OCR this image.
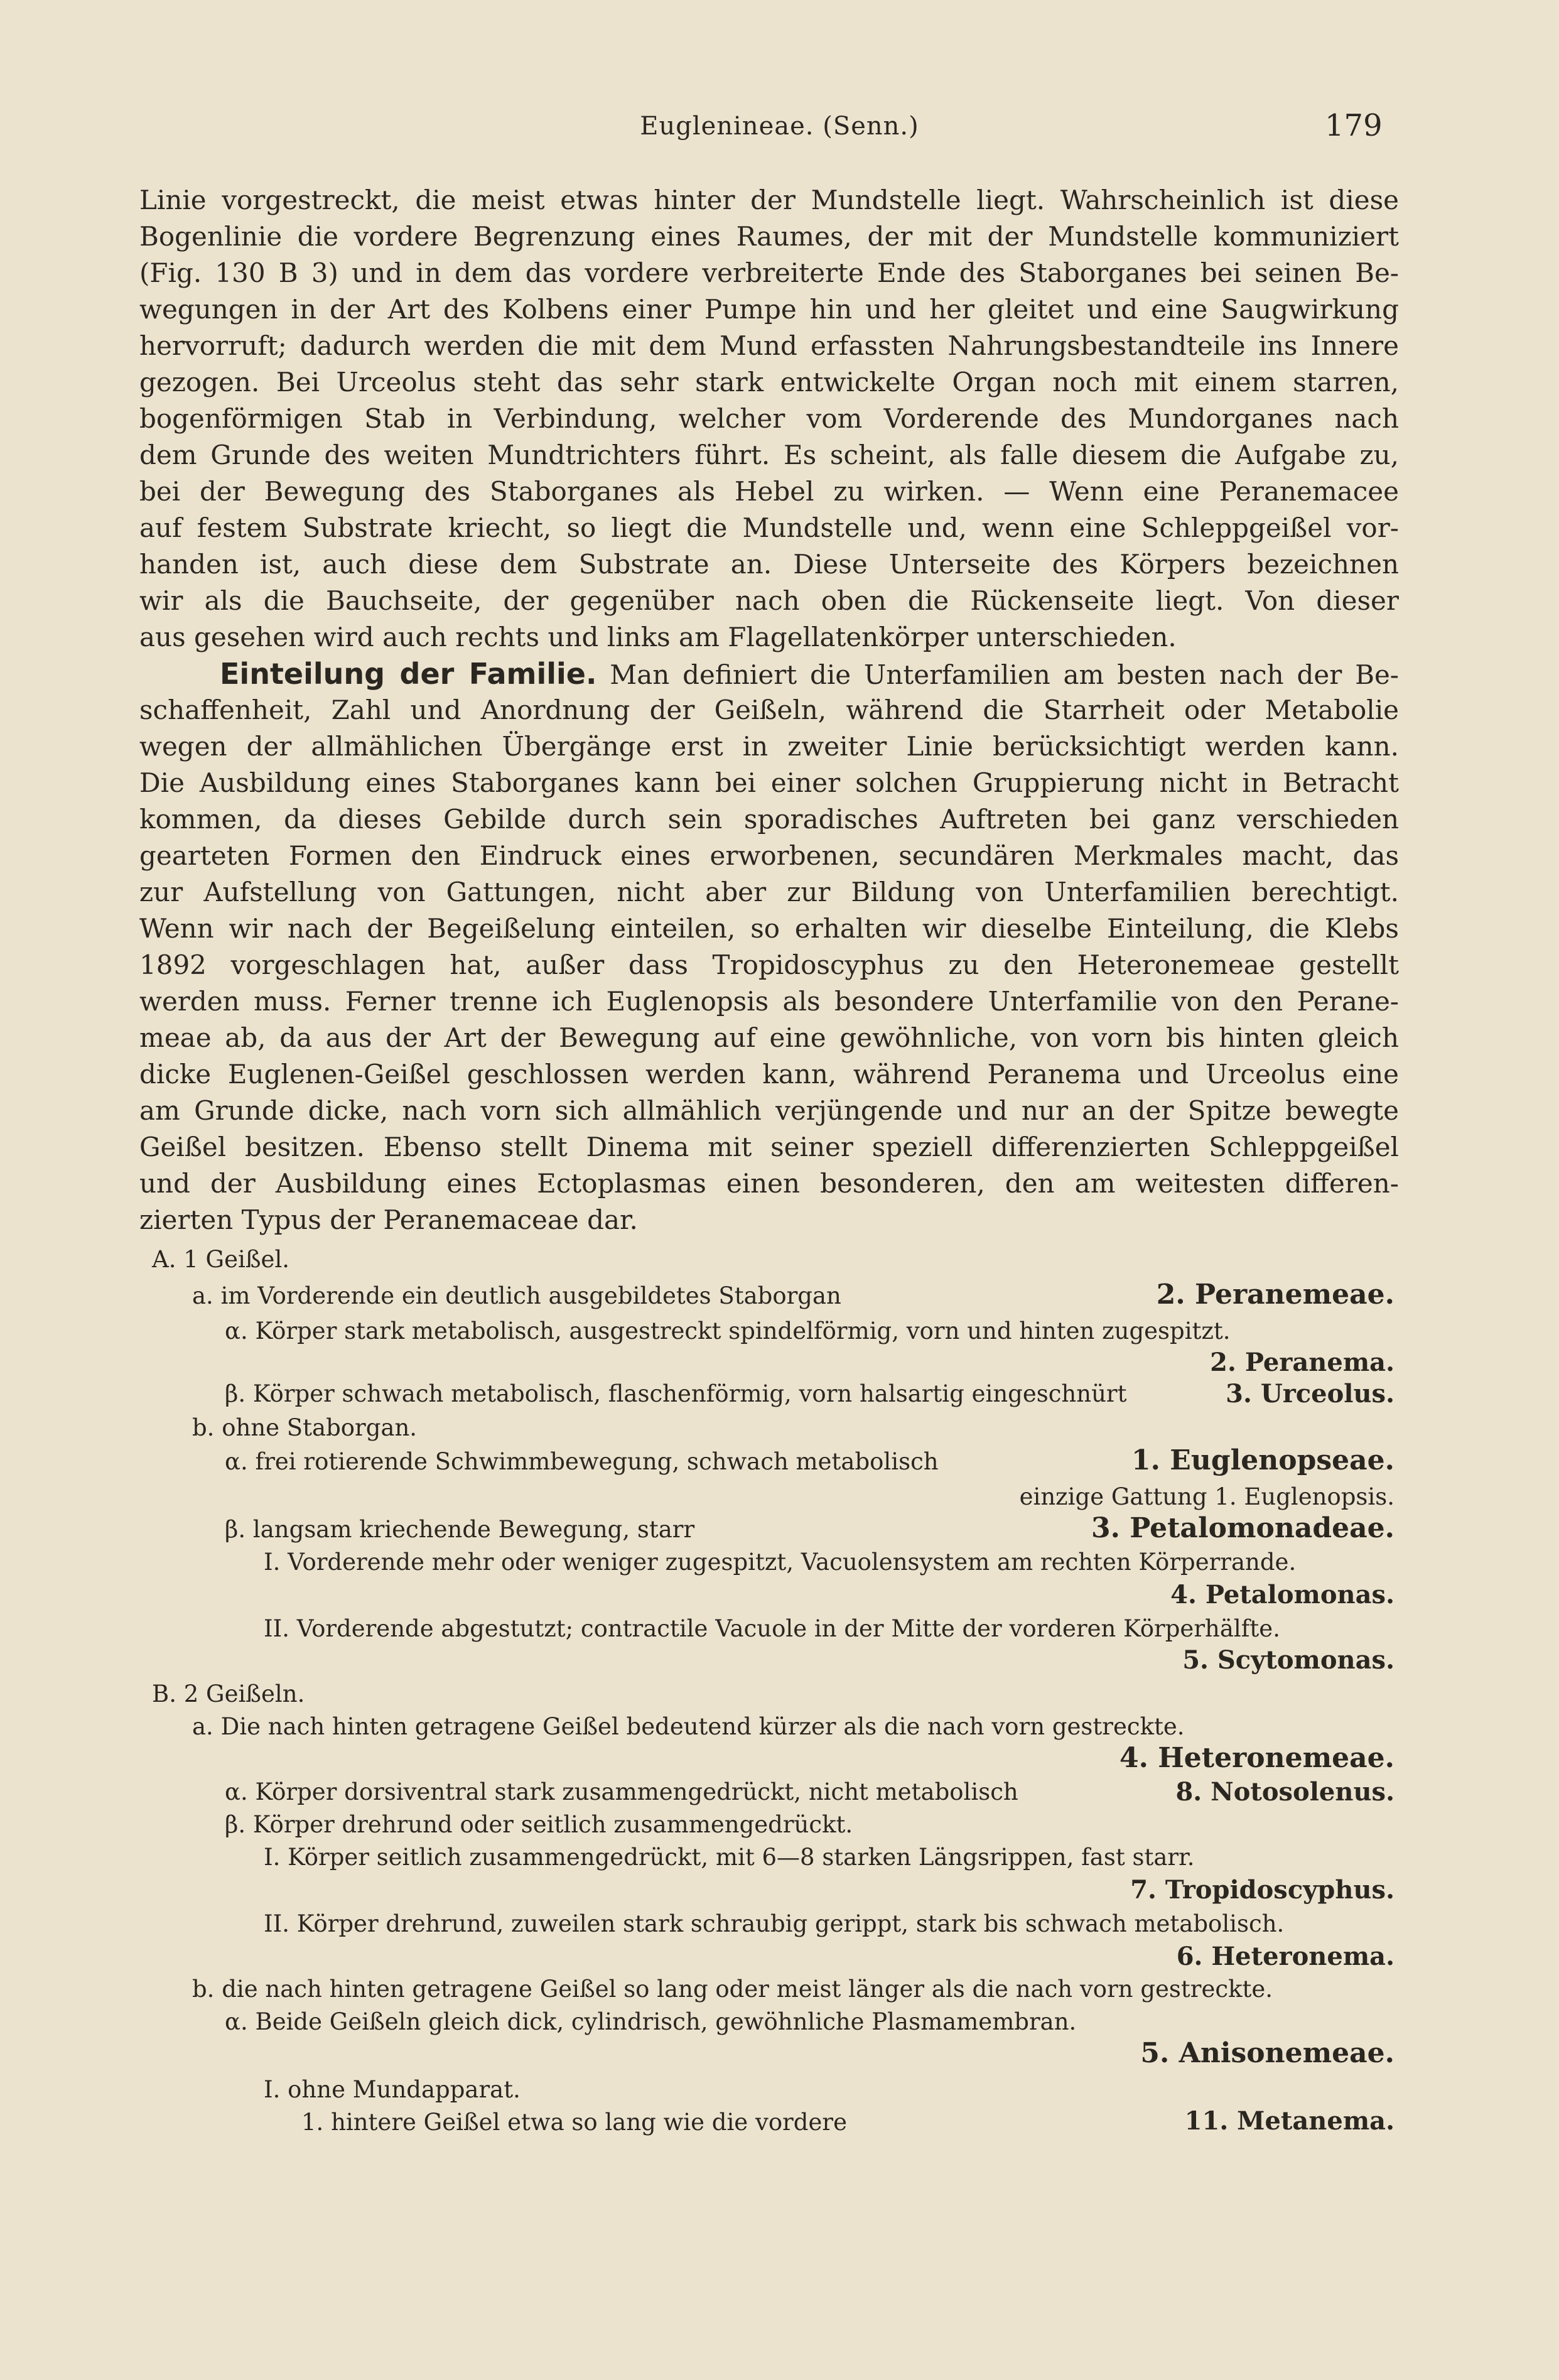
Euglenineae. (Senn.)	179
Linie vorgestreckt, die meist etwas hinter der Mundstelle liegt. Wahrscheinlich ist diese
Bogenlinie die vordere Begrenzung eines Raumes, der mit der Mundstelle kommuniziert
(Fig. 130 B 3) und in dem das vordere verbreiterte Ende des Staborganes bei seinen Be-
wegungen in der Art des Kolbens einer Pumpe hin und her gleitet und eine Saugwirkung
hervorruft; dadurch werden die mit dem Mund erfassten Nahrungsbestandteile ins Innere
gezogen. Bei Urceolus steht das sehr stark entwickelte Organ noch mit einem starren,
bogenförmigen Stab in Verbindung, welcher vom Vorderende des Mundorganes nach
dem Grunde des weiten Mundtrichters führt. Es scheint, als falle diesem die Aufgabe zu,
bei der Bewegung des Staborganes als Hebel zu wirken. — Wenn eine Peranemacee
auf festem Substrate kriecht, so liegt die Mundstelle und, wenn eine Schleppgeißel vor-
handen ist, auch diese dem Substrate an. Diese Unterseite des Körpers bezeichnen
wir als die Bauchseite, der gegenüber nach oben die Rückenseite liegt. Von dieser
aus gesehen wird auch rechts und links am Flagellatenkörper unterschieden.
Einteilung der Familie. Man definiert die Unterfamilien am besten nach der Be-
schaffenheit, Zahl und Anordnung der Geißeln, während die Starrheit oder Metabolie
wegen der allmählichen Übergänge erst in zweiter Linie berücksichtigt werden kann.
Die Ausbildung eines Staborganes kann bei einer solchen Gruppierung nicht in Betracht
kommen, da dieses Gebilde durch sein sporadisches Auftreten bei ganz verschieden
gearteten Formen den Eindruck eines erworbenen, secundären Merkmales macht, das
zur Aufstellung von Gattungen, nicht aber zur Bildung von Unterfamilien berechtigt.
Wenn wir nach der Begeißelung einteilen, so erhalten wir dieselbe Einteilung, die Klebs
1892 vorgeschlagen hat, außer dass Tropidoscyphus zu den Heteronemeae gestellt
werden muss. Ferner trenne ich Euglenopsis als besondere Unterfamilie von den Perane-
meae ab, da aus der Art der Bewegung auf eine gewöhnliche, von vorn bis hinten gleich
dicke Euglenen-Geißel geschlossen werden kann, während Peranema und Urceolus eine
am Grunde dicke, nach vorn sich allmählich verjüngende und nur an der Spitze bewegte
Geißel besitzen. Ebenso stellt Dinema mit seiner speziell differenzierten Schleppgeißel
und der Ausbildung eines Ectoplasmas einen besonderen, den am weitesten differen-
zierten Typus der Peranemaceae dar.
A. 1 Geißel.
a. im Vorderende ein deutlich ausgebildetes Staborgan	2. Peranemeae.
α. Körper stark metabolisch, ausgestreckt spindelförmig, vorn und hinten zugespitzt.
2. Peranema.
β. Körper schwach metabolisch, flaschenförmig, vorn halsartig eingeschnürt	3. Urceolus.
b. ohne Staborgan.
α. frei rotierende Schwimmbewegung, schwach metabolisch	1. Euglenopseae.
einzige Gattung 1. Euglenopsis.
β. langsam kriechende Bewegung, starr	3. Petalomonadeae.
I. Vorderende mehr oder weniger zugespitzt, Vacuolensystem am rechten Körperrande.
4. Petalomonas.
II. Vorderende abgestutzt; contractile Vacuole in der Mitte der vorderen Körperhälfte.
5. Scytomonas.
B. 2 Geißeln.
a. Die nach hinten getragene Geißel bedeutend kürzer als die nach vorn gestreckte.
4. Heteronemeae.
α. Körper dorsiventral stark zusammengedrückt, nicht metabolisch	8. Notosolenus.
β. Körper drehrund oder seitlich zusammengedrückt.
I. Körper seitlich zusammengedrückt, mit 6—8 starken Längsrippen, fast starr.
7. Tropidoscyphus.
II. Körper drehrund, zuweilen stark schraubig gerippt, stark bis schwach metabolisch.
6. Heteronema.
b. die nach hinten getragene Geißel so lang oder meist länger als die nach vorn gestreckte.
α. Beide Geißeln gleich dick, cylindrisch, gewöhnliche Plasmamembran.
5. Anisonemeae.
I. ohne Mundapparat.
1. hintere Geißel etwa so lang wie die vordere	11. Metanema.
